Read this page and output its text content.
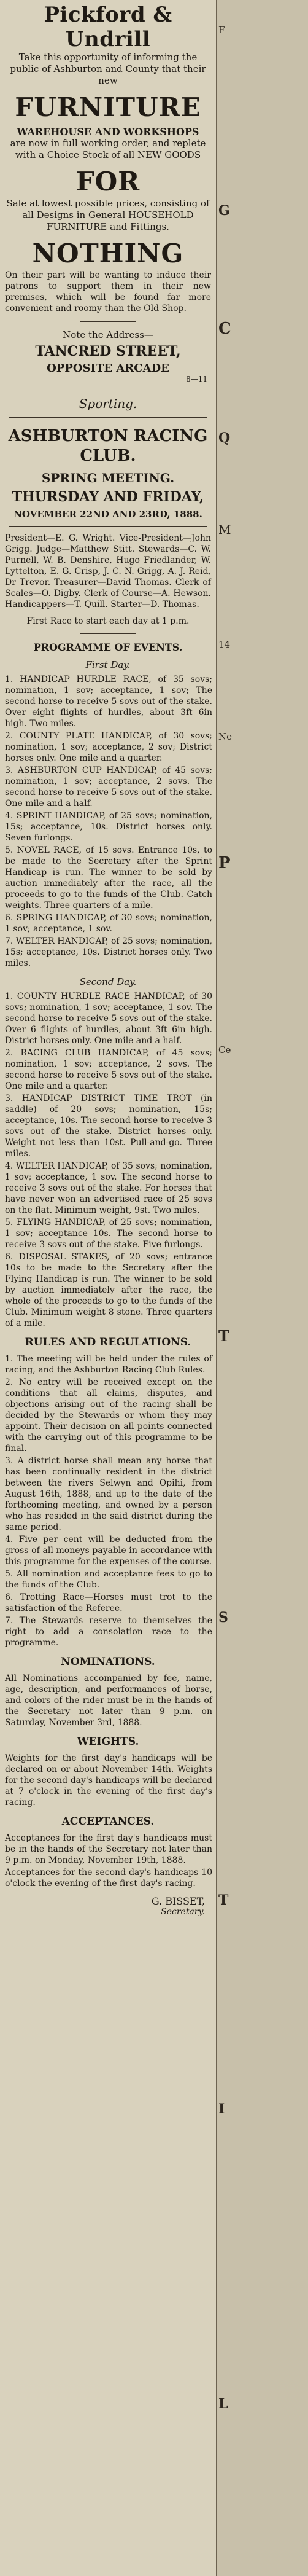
F
G
C
Q
M
14
Ne
P
Ce
T
S
T
I
L
Pickford & Undrill
Take this opportunity of informing the public of Ashburton and County that their new
FURNITURE
WAREHOUSE AND WORKSHOPS
are now in full working order, and replete with a Choice Stock of all NEW GOODS
FOR
Sale at lowest possible prices, consisting of all Designs in General HOUSEHOLD FURNITURE and Fittings.
NOTHING
On their part will be wanting to induce their patrons to support them in their new premises, which will be found far more convenient and roomy than the Old Shop.
Note the Address—
TANCRED STREET,
OPPOSITE ARCADE
8—11
Sporting.
ASHBURTON RACING CLUB.
SPRING MEETING.
THURSDAY AND FRIDAY,
NOVEMBER 22ND AND 23RD, 1888.
President—E. G. Wright. Vice-President—John Grigg. Judge—Matthew Stitt. Stewards—C. W. Purnell, W. B. Denshire, Hugo Friedlander, W. Lyttelton, E. G. Crisp, J. C. N. Grigg, A. J. Reid, Dr Trevor. Treasurer—David Thomas. Clerk of Scales—O. Digby. Clerk of Course—A. Hewson. Handicappers—T. Quill. Starter—D. Thomas.
First Race to start each day at 1 p.m.
PROGRAMME OF EVENTS.
First Day.
1. HANDICAP HURDLE RACE, of 35 sovs; nomination, 1 sov; acceptance, 1 sov; The second horse to receive 5 sovs out of the stake. Over eight flights of hurdles, about 3ft 6in high. Two miles.
2. COUNTY PLATE HANDICAP, of 30 sovs; nomination, 1 sov; acceptance, 2 sov; District horses only. One mile and a quarter.
3. ASHBURTON CUP HANDICAP, of 45 sovs; nomination, 1 sov; acceptance, 2 sovs. The second horse to receive 5 sovs out of the stake. One mile and a half.
4. SPRINT HANDICAP, of 25 sovs; nomination, 15s; acceptance, 10s. District horses only. Seven furlongs.
5. NOVEL RACE, of 15 sovs. Entrance 10s, to be made to the Secretary after the Sprint Handicap is run. The winner to be sold by auction immediately after the race, all the proceeds to go to the funds of the Club. Catch weights. Three quarters of a mile.
6. SPRING HANDICAP, of 30 sovs; nomination, 1 sov; acceptance, 1 sov.
7. WELTER HANDICAP, of 25 sovs; nomination, 15s; acceptance, 10s. District horses only. Two miles.
Second Day.
1. COUNTY HURDLE RACE HANDICAP, of 30 sovs; nomination, 1 sov; acceptance, 1 sov. The second horse to receive 5 sovs out of the stake. Over 6 flights of hurdles, about 3ft 6in high. District horses only. One mile and a half.
2. RACING CLUB HANDICAP, of 45 sovs; nomination, 1 sov; acceptance, 2 sovs. The second horse to receive 5 sovs out of the stake. One mile and a quarter.
3. HANDICAP DISTRICT TIME TROT (in saddle) of 20 sovs; nomination, 15s; acceptance, 10s. The second horse to receive 3 sovs out of the stake. District horses only. Weight not less than 10st. Pull-and-go. Three miles.
4. WELTER HANDICAP, of 35 sovs; nomination, 1 sov; acceptance, 1 sov. The second horse to receive 3 sovs out of the stake. For horses that have never won an advertised race of 25 sovs on the flat. Minimum weight, 9st. Two miles.
5. FLYING HANDICAP, of 25 sovs; nomination, 1 sov; acceptance 10s. The second horse to receive 3 sovs out of the stake. Five furlongs.
6. DISPOSAL STAKES, of 20 sovs; entrance 10s to be made to the Secretary after the Flying Handicap is run. The winner to be sold by auction immediately after the race, the whole of the proceeds to go to the funds of the Club. Minimum weight 8 stone. Three quarters of a mile.
RULES AND REGULATIONS.
1. The meeting will be held under the rules of racing, and the Ashburton Racing Club Rules.
2. No entry will be received except on the conditions that all claims, disputes, and objections arising out of the racing shall be decided by the Stewards or whom they may appoint. Their decision on all points connected with the carrying out of this programme to be final.
3. A district horse shall mean any horse that has been continually resident in the district between the rivers Selwyn and Opihi, from August 16th, 1888, and up to the date of the forthcoming meeting, and owned by a person who has resided in the said district during the same period.
4. Five per cent will be deducted from the gross of all moneys payable in accordance with this programme for the expenses of the course.
5. All nomination and acceptance fees to go to the funds of the Club.
6. Trotting Race—Horses must trot to the satisfaction of the Referee.
7. The Stewards reserve to themselves the right to add a consolation race to the programme.
NOMINATIONS.
All Nominations accompanied by fee, name, age, description, and performances of horse, and colors of the rider must be in the hands of the Secretary not later than 9 p.m. on Saturday, November 3rd, 1888.
WEIGHTS.
Weights for the first day's handicaps will be declared on or about November 14th. Weights for the second day's handicaps will be declared at 7 o'clock in the evening of the first day's racing.
ACCEPTANCES.
Acceptances for the first day's handicaps must be in the hands of the Secretary not later than 9 p.m. on Monday, November 19th, 1888.
Acceptances for the second day's handicaps 10 o'clock the evening of the first day's racing.
G. BISSET,
Secretary.
